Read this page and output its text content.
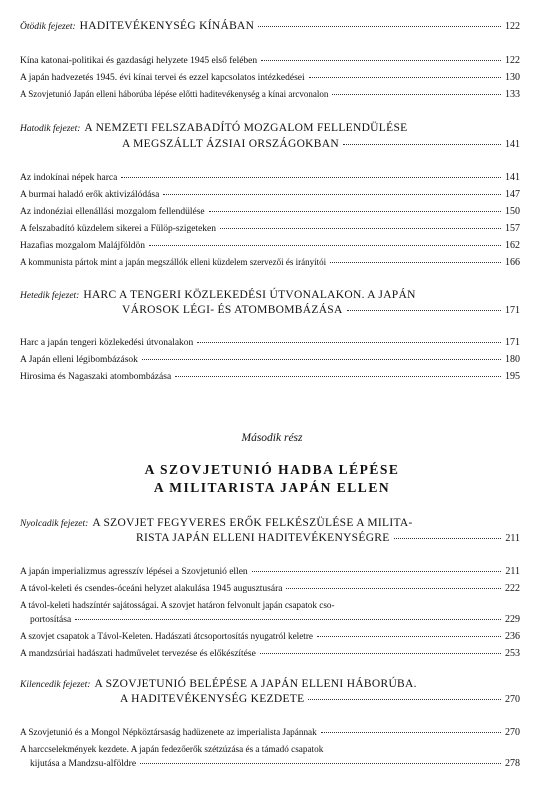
Ötödik fejezet: HADITEVÉKENYSÉG KÍNÁBAN	122
Kína katonai-politikai és gazdasági helyzete 1945 első felében	122
A japán hadvezetés 1945. évi kínai tervei és ezzel kapcsolatos intézkedései	130
A Szovjetunió Japán elleni háborúba lépése előtti haditevékenység a kínai arcvonalon	133
Hatodik fejezet: A NEMZETI FELSZABADÍTÓ MOZGALOM FELLENDÜLÉSE
A MEGSZÁLLT ÁZSIAI ORSZÁGOKBAN	141
Az indokínai népek harca	141
A burmai haladó erők aktivizálódása	147
Az indonéziai ellenállási mozgalom fellendülése	150
A felszabadító küzdelem sikerei a Fülöp-szigeteken	157
Hazafias mozgalom Malájföldön	162
A kommunista pártok mint a japán megszállók elleni küzdelem szervezői és irányítói	166
Hetedik fejezet: HARC A TENGERI KÖZLEKEDÉSI ÚTVONALAKON. A JAPÁN
VÁROSOK LÉGI- ÉS ATOMBOMBÁZÁSA	171
Harc a japán tengeri közlekedési útvonalakon	171
A Japán elleni légibombázások	180
Hirosima és Nagaszaki atombombázása	195
Második rész
A SZOVJETUNIÓ HADBA LÉPÉSE
A MILITARISTA JAPÁN ELLEN
Nyolcadik fejezet: A SZOVJET FEGYVERES ERŐK FELKÉSZÜLÉSE A MILITA-
RISTA JAPÁN ELLENI HADITEVÉKENYSÉGRE	211
A japán imperializmus agresszív lépései a Szovjetunió ellen	211
A távol-keleti és csendes-óceáni helyzet alakulása 1945 augusztusára	222
A távol-keleti hadszíntér sajátosságai. A szovjet határon felvonult japán csapatok cso-
portosítása	229
A szovjet csapatok a Távol-Keleten. Hadászati átcsoportosítás nyugatról keletre	236
A mandzsúriai hadászati hadművelet tervezése és előkészítése	253
Kilencedik fejezet: A SZOVJETUNIÓ BELÉPÉSE A JAPÁN ELLENI HÁBORÚBA.
A HADITEVÉKENYSÉG KEZDETE	270
A Szovjetunió és a Mongol Népköztársaság hadüzenete az imperialista Japánnak	270
A harccselekmények kezdete. A japán fedezőerők szétzúzása és a támadó csapatok
kijutása a Mandzsu-alföldre	278
